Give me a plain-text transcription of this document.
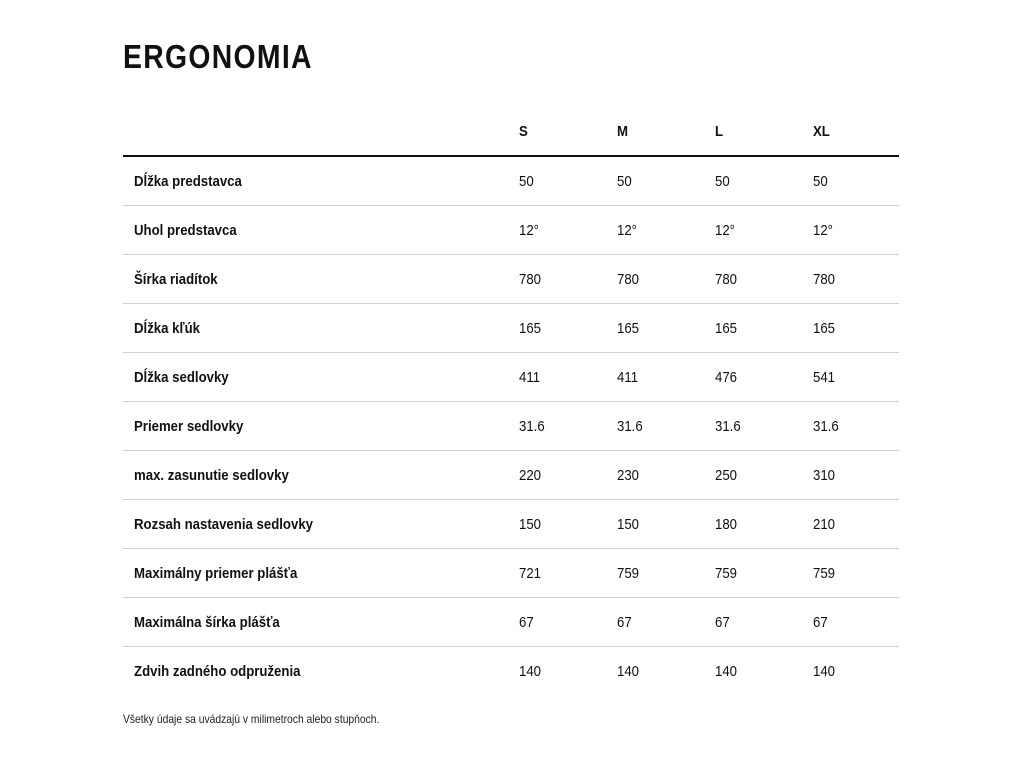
ERGONOMIA
	S	M	L	XL
Dĺžka predstavca	50	50	50	50
Uhol predstavca	12°	12°	12°	12°
Šírka riadítok	780	780	780	780
Dĺžka kľúk	165	165	165	165
Dĺžka sedlovky	411	411	476	541
Priemer sedlovky	31.6	31.6	31.6	31.6
max. zasunutie sedlovky	220	230	250	310
Rozsah nastavenia sedlovky	150	150	180	210
Maximálny priemer plášťa	721	759	759	759
Maximálna šírka plášťa	67	67	67	67
Zdvih zadného odpruženia	140	140	140	140

Všetky údaje sa uvádzajú v milimetroch alebo stupňoch.
